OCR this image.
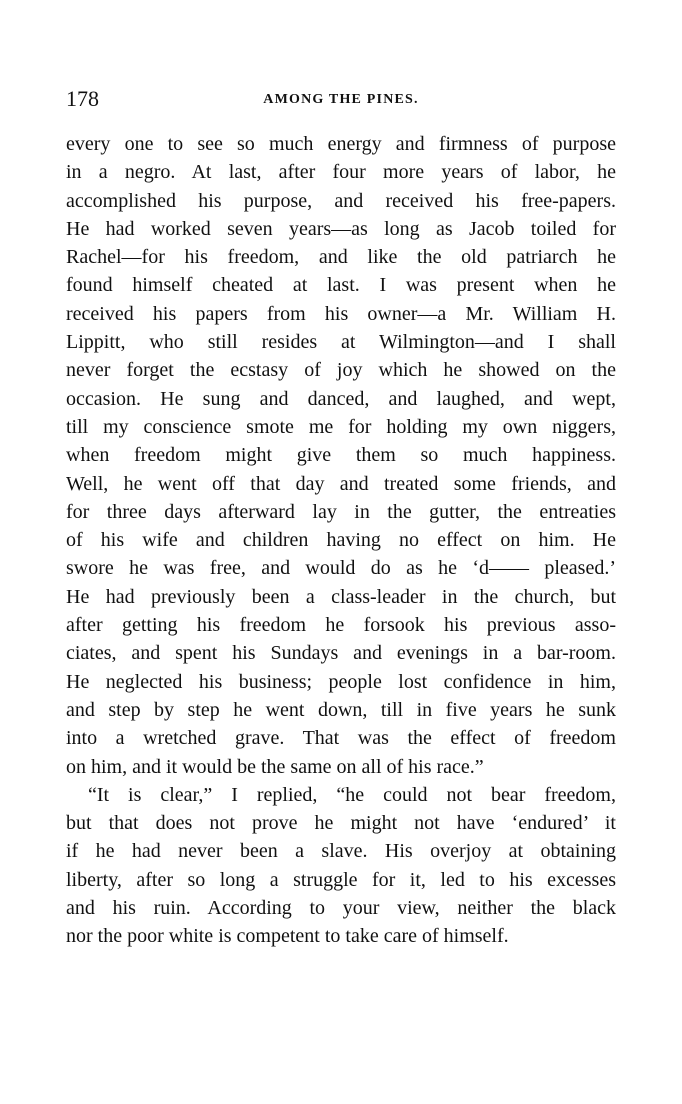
178	AMONG THE PINES.
every one to see so much energy and firmness of purpose
in a negro. At last, after four more years of labor, he
accomplished his purpose, and received his free-papers.
He had worked seven years—as long as Jacob toiled for
Rachel—for his freedom, and like the old patriarch he
found himself cheated at last. I was present when he
received his papers from his owner—a Mr. William H.
Lippitt, who still resides at Wilmington—and I shall
never forget the ecstasy of joy which he showed on the
occasion. He sung and danced, and laughed, and wept,
till my conscience smote me for holding my own niggers,
when freedom might give them so much happiness.
Well, he went off that day and treated some friends, and
for three days afterward lay in the gutter, the entreaties
of his wife and children having no effect on him. He
swore he was free, and would do as he ‘d—— pleased.’
He had previously been a class-leader in the church, but
after getting his freedom he forsook his previous asso-
ciates, and spent his Sundays and evenings in a bar-room.
He neglected his business; people lost confidence in him,
and step by step he went down, till in five years he sunk
into a wretched grave. That was the effect of freedom
on him, and it would be the same on all of his race.”
“It is clear,” I replied, “he could not bear freedom,
but that does not prove he might not have ‘endured’ it
if he had never been a slave. His overjoy at obtaining
liberty, after so long a struggle for it, led to his excesses
and his ruin. According to your view, neither the black
nor the poor white is competent to take care of himself.
